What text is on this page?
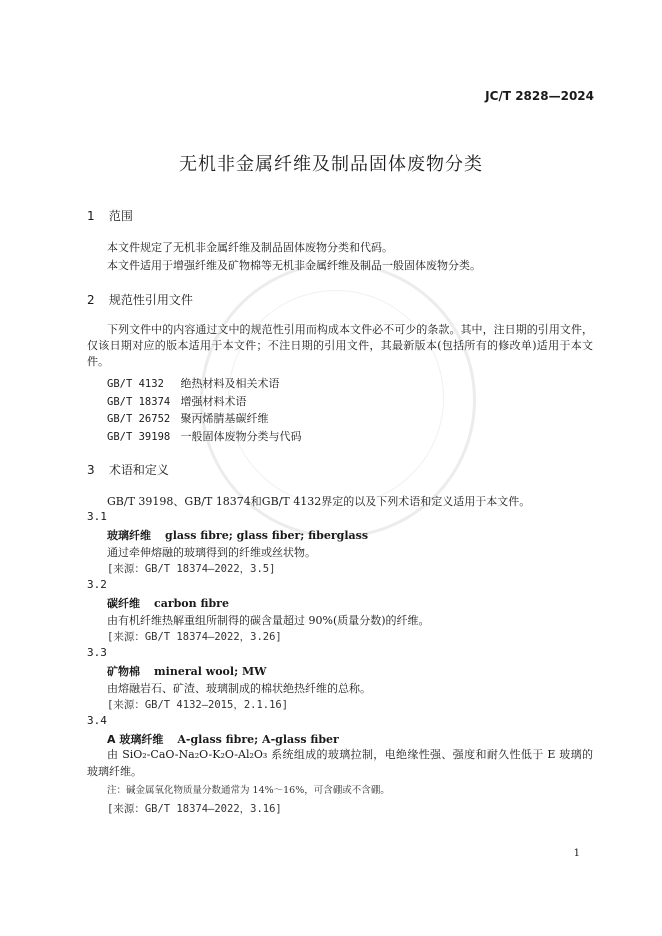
JC/T 2828—2024
无机非金属纤维及制品固体废物分类
1 范围
本文件规定了无机非金属纤维及制品固体废物分类和代码。
本文件适用于增强纤维及矿物棉等无机非金属纤维及制品一般固体废物分类。
2 规范性引用文件
下列文件中的内容通过文中的规范性引用而构成本文件必不可少的条款。其中，注日期的引用文件，仅该日期对应的版本适用于本文件；不注日期的引用文件，其最新版本(包括所有的修改单)适用于本文件。
GB/T 4132 绝热材料及相关术语
GB/T 18374 增强材料术语
GB/T 26752 聚丙烯腈基碳纤维
GB/T 39198 一般固体废物分类与代码
3 术语和定义
GB/T 39198、GB/T 18374和GB/T 4132界定的以及下列术语和定义适用于本文件。
3.1
玻璃纤维 glass fibre; glass fiber; fiberglass
通过牵伸熔融的玻璃得到的纤维或丝状物。
[来源：GB/T 18374—2022，3.5]
3.2
碳纤维 carbon fibre
由有机纤维热解重组所制得的碳含量超过 90%(质量分数)的纤维。
[来源：GB/T 18374—2022，3.26]
3.3
矿物棉 mineral wool; MW
由熔融岩石、矿渣、玻璃制成的棉状绝热纤维的总称。
[来源：GB/T 4132—2015，2.1.16]
3.4
A 玻璃纤维 A-glass fibre; A-glass fiber
由 SiO₂-CaO-Na₂O-K₂O-Al₂O₃ 系统组成的玻璃拉制，电绝缘性强、强度和耐久性低于 E 玻璃的玻璃纤维。
注：碱金属氧化物质量分数通常为 14%～16%，可含硼或不含硼。
[来源：GB/T 18374—2022，3.16]
1
